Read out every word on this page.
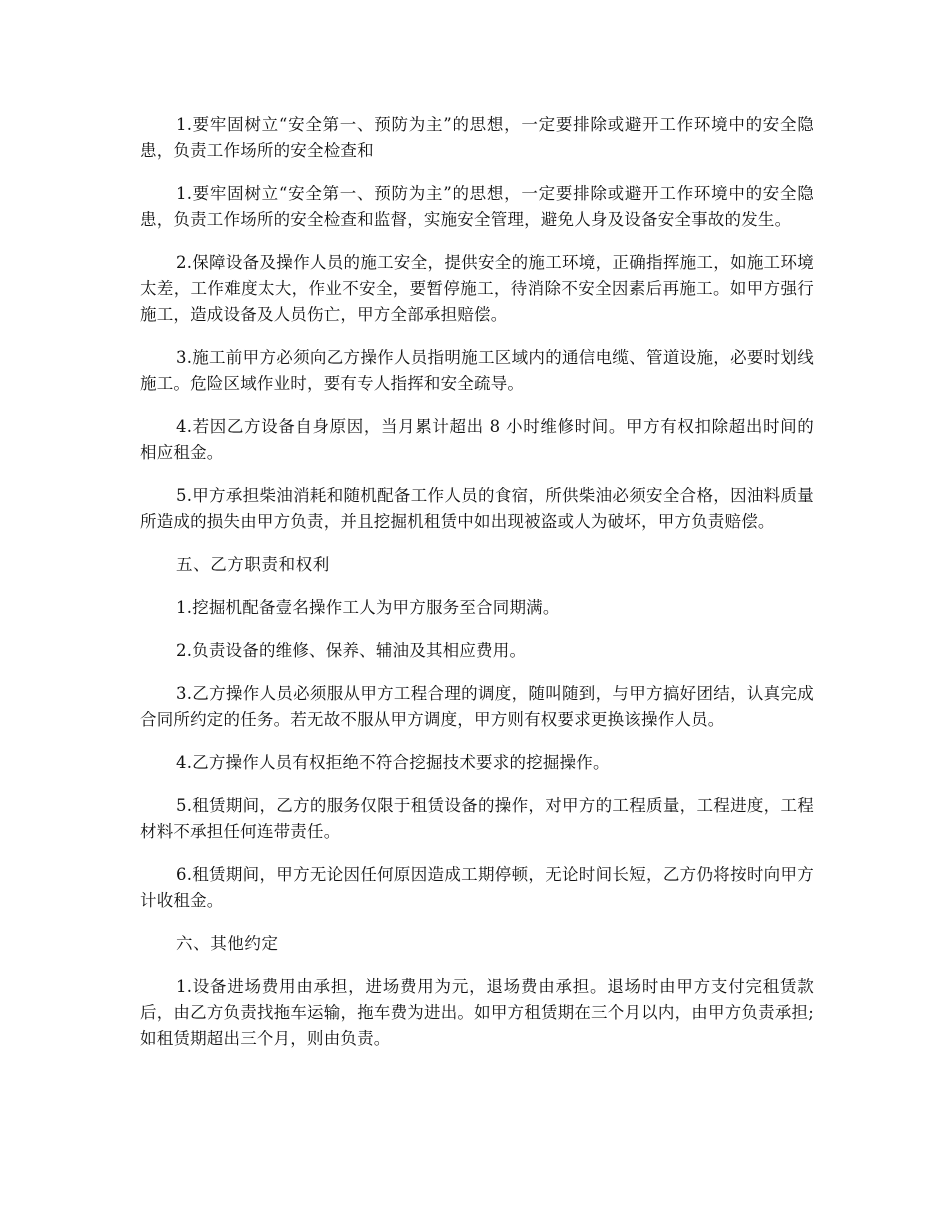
1.要牢固树立“安全第一、预防为主”的思想，一定要排除或避开工作环境中的安全隐患，负责工作场所的安全检查和

1.要牢固树立“安全第一、预防为主”的思想，一定要排除或避开工作环境中的安全隐患，负责工作场所的安全检查和监督，实施安全管理，避免人身及设备安全事故的发生。

2.保障设备及操作人员的施工安全，提供安全的施工环境，正确指挥施工，如施工环境太差，工作难度太大，作业不安全，要暂停施工，待消除不安全因素后再施工。如甲方强行施工，造成设备及人员伤亡，甲方全部承担赔偿。

3.施工前甲方必须向乙方操作人员指明施工区域内的通信电缆、管道设施，必要时划线施工。危险区域作业时，要有专人指挥和安全疏导。

4.若因乙方设备自身原因，当月累计超出 8 小时维修时间。甲方有权扣除超出时间的相应租金。

5.甲方承担柴油消耗和随机配备工作人员的食宿，所供柴油必须安全合格，因油料质量所造成的损失由甲方负责，并且挖掘机租赁中如出现被盗或人为破坏，甲方负责赔偿。

五、乙方职责和权利

1.挖掘机配备壹名操作工人为甲方服务至合同期满。

2.负责设备的维修、保养、辅油及其相应费用。

3.乙方操作人员必须服从甲方工程合理的调度，随叫随到，与甲方搞好团结，认真完成合同所约定的任务。若无故不服从甲方调度，甲方则有权要求更换该操作人员。

4.乙方操作人员有权拒绝不符合挖掘技术要求的挖掘操作。

5.租赁期间，乙方的服务仅限于租赁设备的操作，对甲方的工程质量，工程进度，工程材料不承担任何连带责任。

6.租赁期间，甲方无论因任何原因造成工期停顿，无论时间长短，乙方仍将按时向甲方计收租金。

六、其他约定

1.设备进场费用由承担，进场费用为元，退场费由承担。退场时由甲方支付完租赁款后，由乙方负责找拖车运输，拖车费为进出。如甲方租赁期在三个月以内，由甲方负责承担;如租赁期超出三个月，则由负责。
